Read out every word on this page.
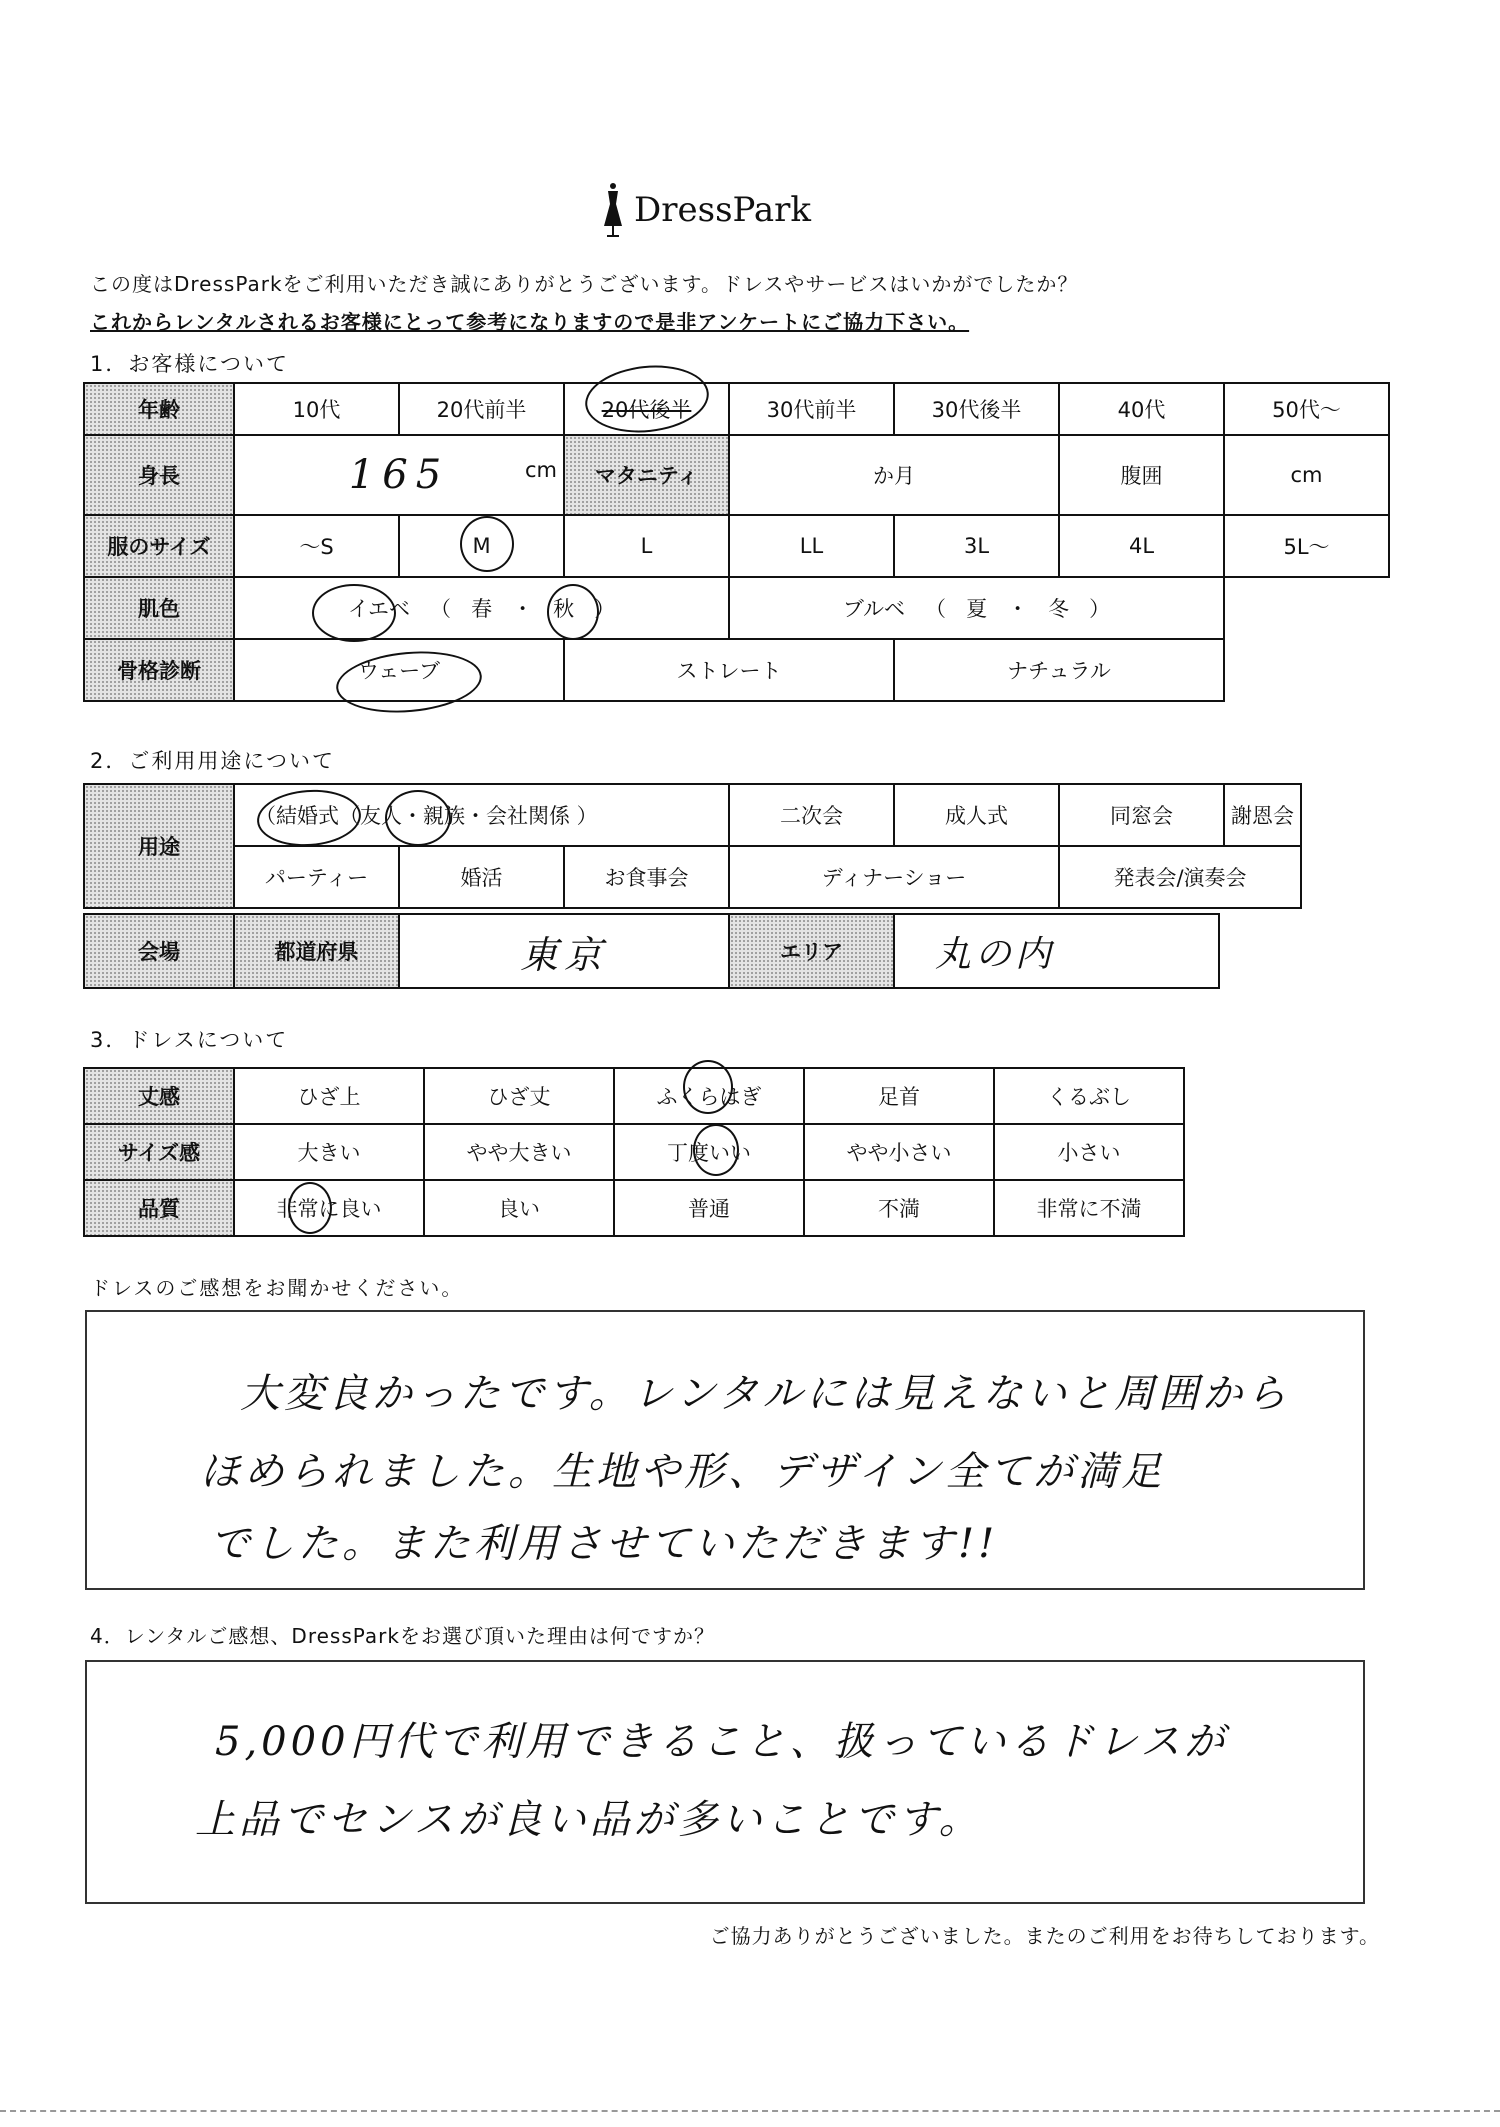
DressPark
この度はDressParkをご利用いただき誠にありがとうございます。ドレスやサービスはいかがでしたか？
これからレンタルされるお客様にとって参考になりますので是非アンケートにご協力下さい。
1．お客様について
年齢	10代	20代前半	20代後半	30代前半	30代後半	40代	50代～
身長	165 cm		マタニティ	か月		腹囲	cm
服のサイズ	～S	M	L	LL	3L	4L	5L～
肌色	イエベ   （   春   ・   秋   ）			ブルベ   （   夏   ・   冬   ）			
骨格診断	ウェーブ		ストレート		ナチュラル		
2．ご利用用途について
用途	（結婚式（友人・親族・会社関係 ）			二次会	成人式	同窓会	謝恩会
	パーティー	婚活	お食事会	ディナーショー		発表会/演奏会	
会場	都道府県	東京	エリア	丸の内
3．ドレスについて
丈感	ひざ上	ひざ丈	ふくらはぎ	足首	くるぶし
サイズ感	大きい	やや大きい	丁度いい	やや小さい	小さい
品質	非常に良い	良い	普通	不満	非常に不満
ドレスのご感想をお聞かせください。
大変良かったです。レンタルには見えないと周囲から
ほめられました。生地や形、デザイン全てが満足
でした。また利用させていただきます!!
4．レンタルご感想、DressParkをお選び頂いた理由は何ですか？
5,000円代で利用できること、扱っているドレスが
上品でセンスが良い品が多いことです。
ご協力ありがとうございました。またのご利用をお待ちしております。
